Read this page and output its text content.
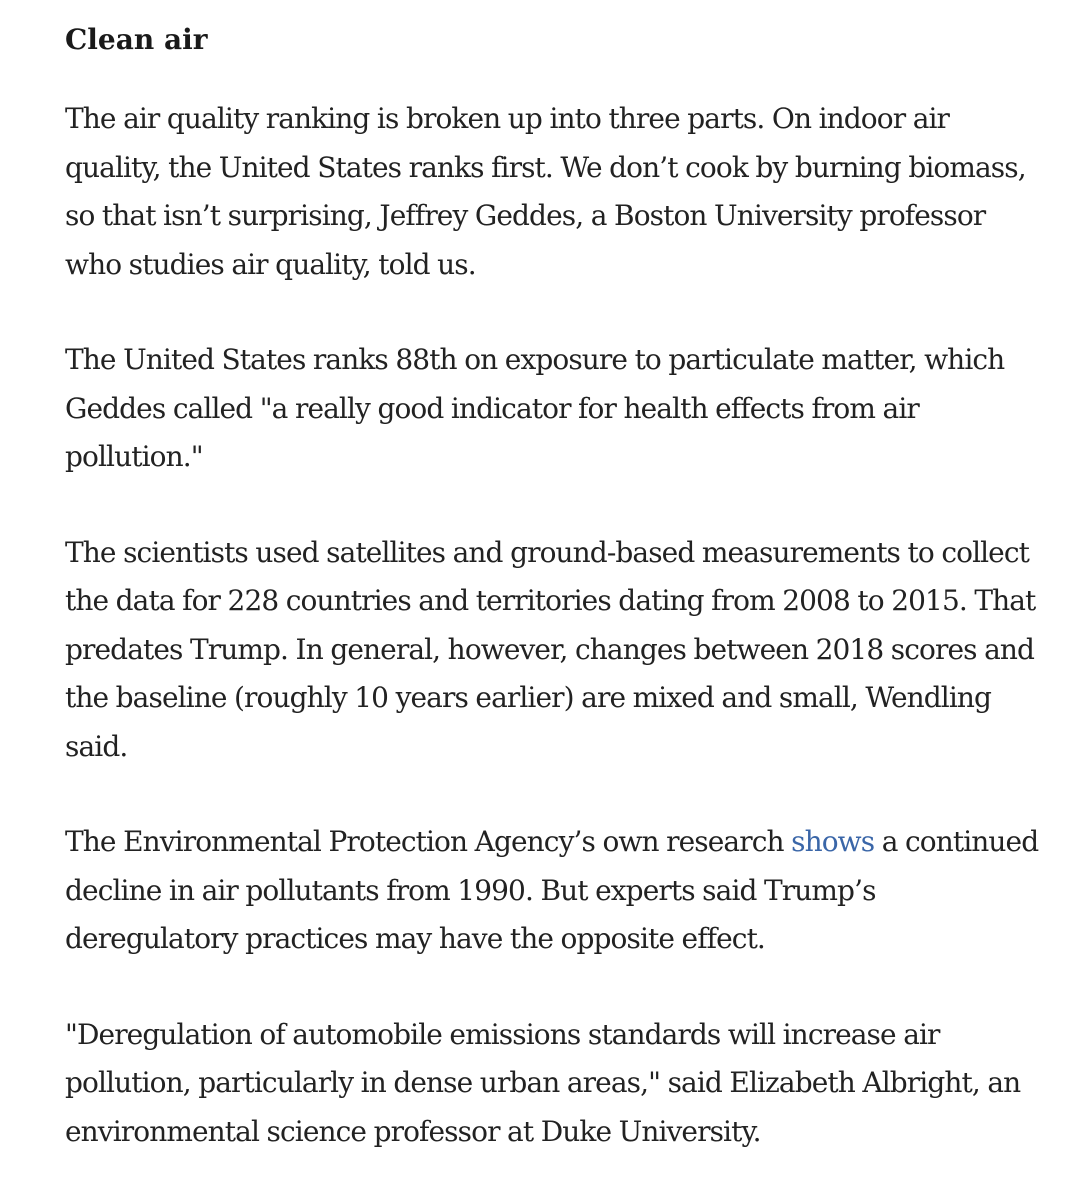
Clean air

The air quality ranking is broken up into three parts. On indoor air quality, the United States ranks first. We don’t cook by burning biomass, so that isn’t surprising, Jeffrey Geddes, a Boston University professor who studies air quality, told us.

The United States ranks 88th on exposure to particulate matter, which Geddes called "a really good indicator for health effects from air pollution."

The scientists used satellites and ground-based measurements to collect the data for 228 countries and territories dating from 2008 to 2015. That predates Trump. In general, however, changes between 2018 scores and the baseline (roughly 10 years earlier) are mixed and small, Wendling said.

The Environmental Protection Agency’s own research shows a continued decline in air pollutants from 1990. But experts said Trump’s deregulatory practices may have the opposite effect.

"Deregulation of automobile emissions standards will increase air pollution, particularly in dense urban areas," said Elizabeth Albright, an environmental science professor at Duke University.
